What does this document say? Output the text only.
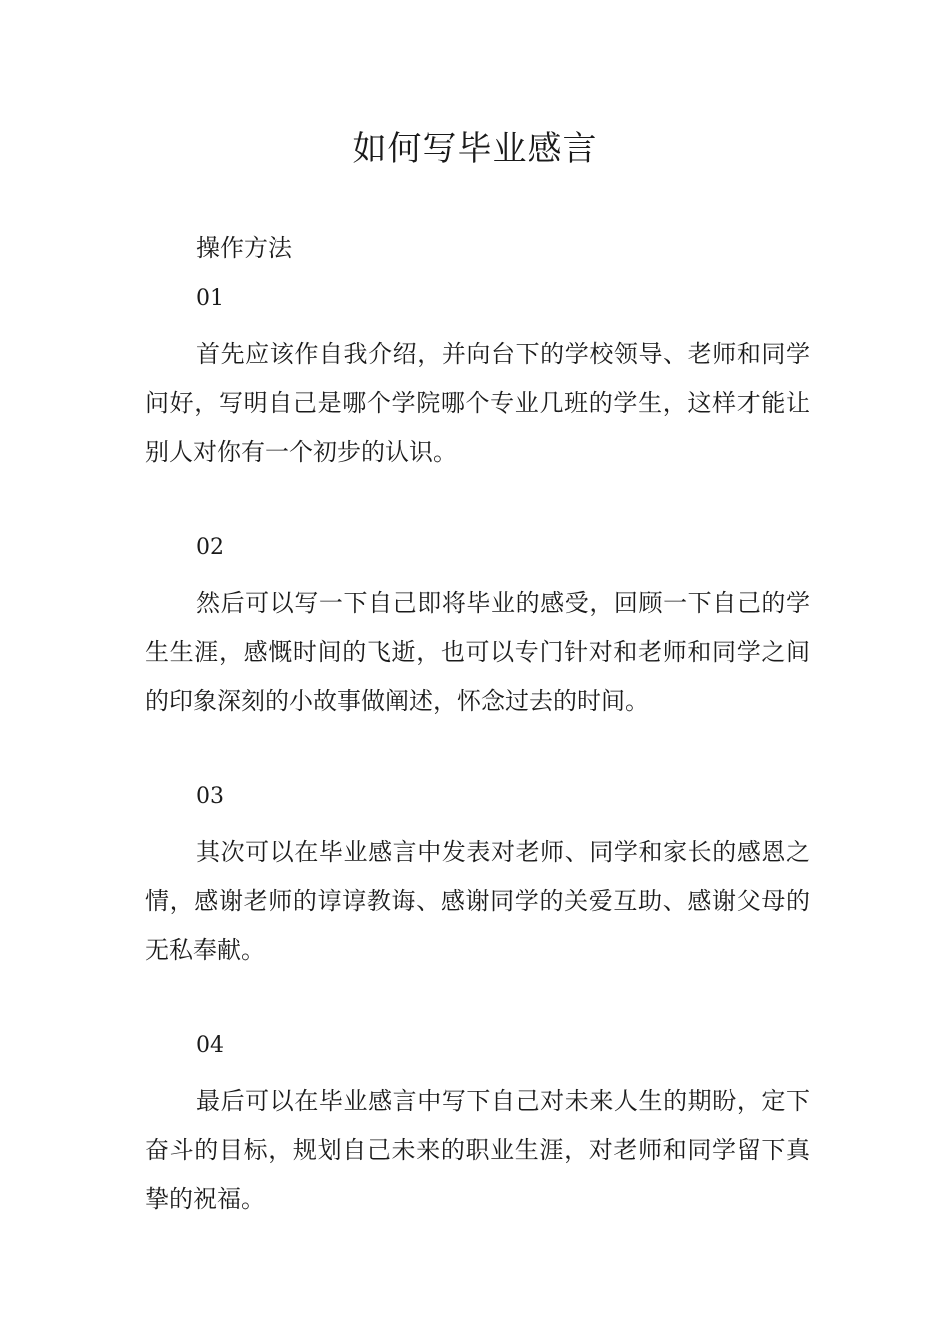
如何写毕业感言

操作方法

01

首先应该作自我介绍，并向台下的学校领导、老师和同学问好，写明自己是哪个学院哪个专业几班的学生，这样才能让别人对你有一个初步的认识。

02

然后可以写一下自己即将毕业的感受，回顾一下自己的学生生涯，感慨时间的飞逝，也可以专门针对和老师和同学之间的印象深刻的小故事做阐述，怀念过去的时间。

03

其次可以在毕业感言中发表对老师、同学和家长的感恩之情，感谢老师的谆谆教诲、感谢同学的关爱互助、感谢父母的无私奉献。

04

最后可以在毕业感言中写下自己对未来人生的期盼，定下奋斗的目标，规划自己未来的职业生涯，对老师和同学留下真挚的祝福。
